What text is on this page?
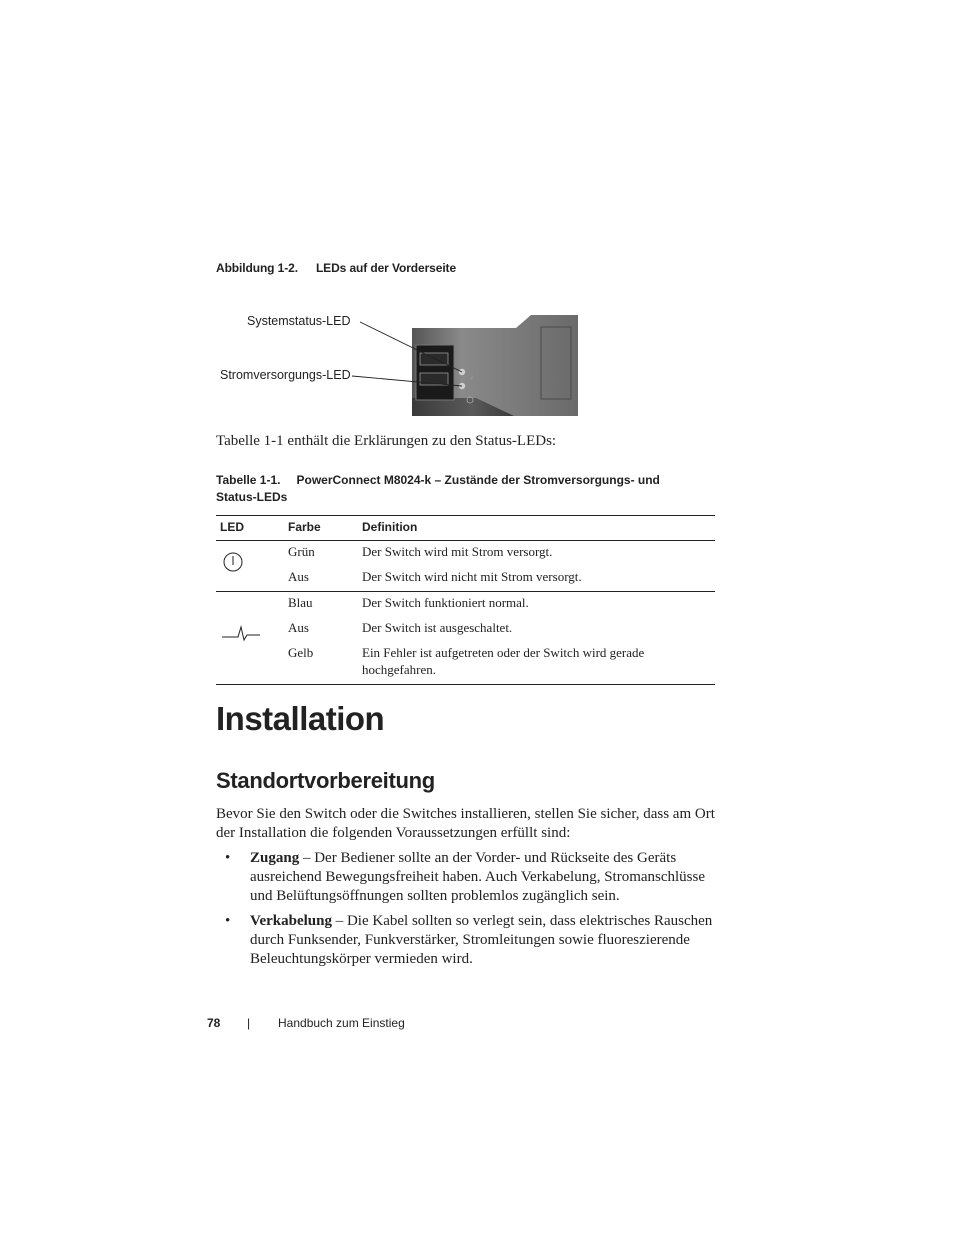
Abbildung 1-2. LEDs auf der Vorderseite
Systemstatus-LED
Stromversorgungs-LED	~
Tabelle 1-1 enthält die Erklärungen zu den Status-LEDs:
Tabelle 1-1. PowerConnect M8024-k – Zustände der Stromversorgungs- und
Status-LEDs
LED	Farbe	Definition
	Grün	Der Switch wird mit Strom versorgt.
	Aus	Der Switch wird nicht mit Strom versorgt.
	Blau	Der Switch funktioniert normal.
	Aus	Der Switch ist ausgeschaltet.
	Gelb	Ein Fehler ist aufgetreten oder der Switch wird gerade hochgefahren.
Installation
Standortvorbereitung
Bevor Sie den Switch oder die Switches installieren, stellen Sie sicher, dass am Ort der Installation die folgenden Voraussetzungen erfüllt sind:
• Zugang – Der Bediener sollte an der Vorder- und Rückseite des Geräts ausreichend Bewegungsfreiheit haben. Auch Verkabelung, Stromanschlüsse und Belüftungsöffnungen sollten problemlos zugänglich sein.
• Verkabelung – Die Kabel sollten so verlegt sein, dass elektrisches Rauschen durch Funksender, Funkverstärker, Stromleitungen sowie fluoreszierende Beleuchtungskörper vermieden wird.
78 | Handbuch zum Einstieg
